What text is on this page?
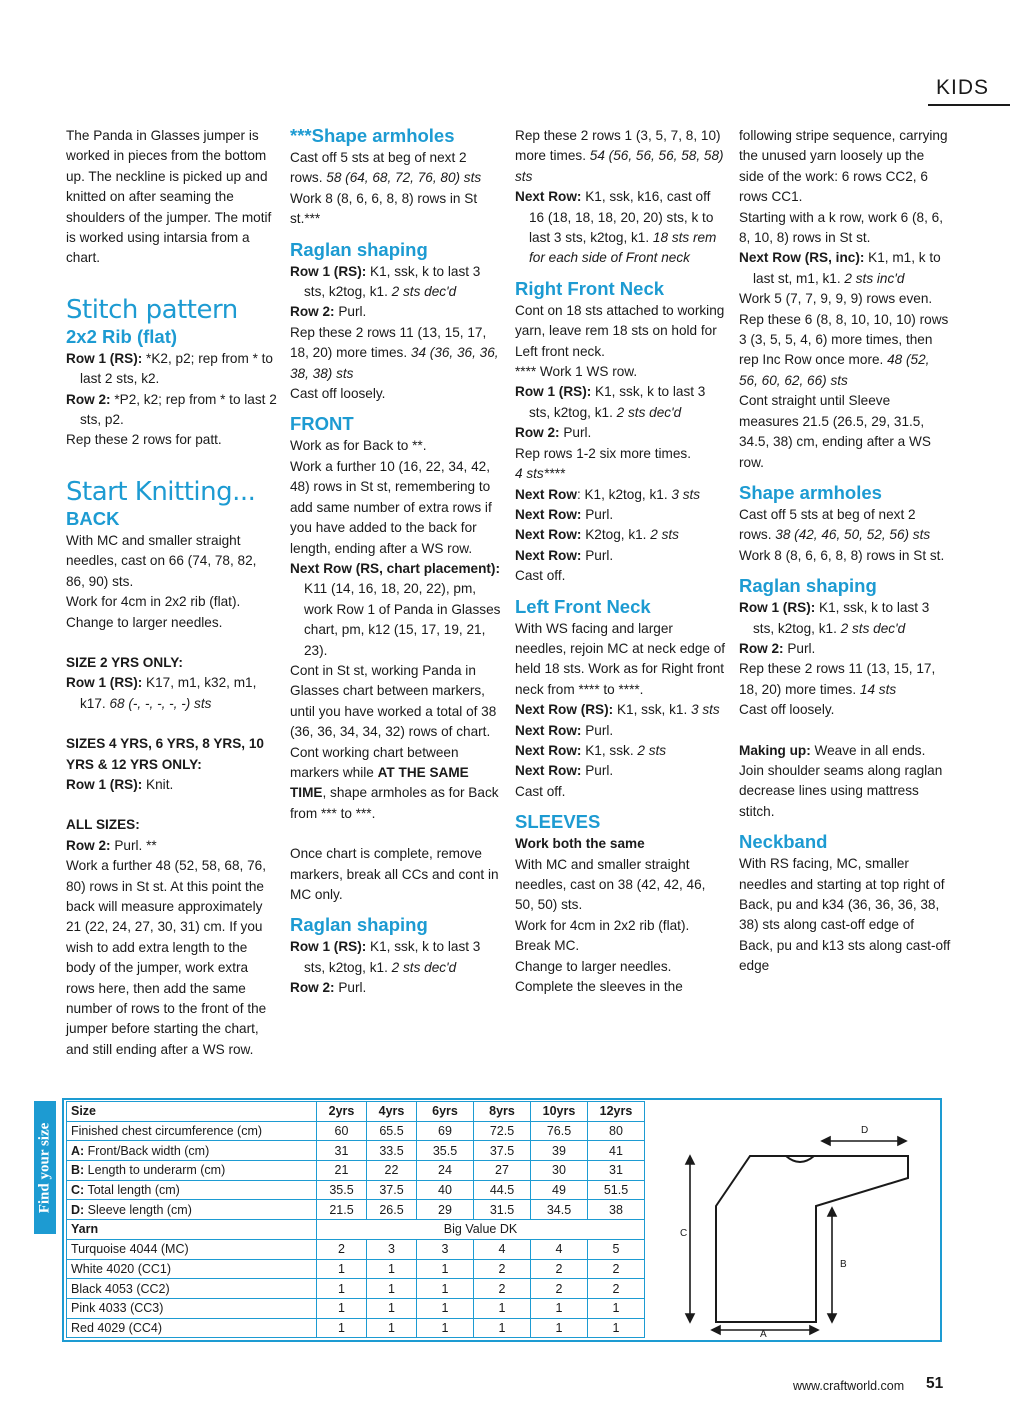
KIDS

The Panda in Glasses jumper is worked in pieces from the bottom up. The neckline is picked up and knitted on after seaming the shoulders of the jumper. The motif is worked using intarsia from a chart.

Stitch pattern

2x2 Rib (flat)

Row 1 (RS): *K2, p2; rep from * to last 2 sts, k2.

Row 2: *P2, k2; rep from * to last 2 sts, p2.

Rep these 2 rows for patt.

Start Knitting...

BACK

With MC and smaller straight needles, cast on 66 (74, 78, 82, 86, 90) sts.

Work for 4cm in 2x2 rib (flat).

Change to larger needles.

SIZE 2 YRS ONLY:

Row 1 (RS): K17, m1, k32, m1, k17. 68 (-, -, -, -, -) sts

SIZES 4 YRS, 6 YRS, 8 YRS, 10 YRS & 12 YRS ONLY:

Row 1 (RS): Knit.

ALL SIZES:

Row 2: Purl. **

Work a further 48 (52, 58, 68, 76, 80) rows in St st. At this point the back will measure approximately 21 (22, 24, 27, 30, 31) cm. If you wish to add extra length to the body of the jumper, work extra rows here, then add the same number of rows to the front of the jumper before starting the chart, and still ending after a WS row.

***Shape armholes

Cast off 5 sts at beg of next 2 rows. 58 (64, 68, 72, 76, 80) sts

Work 8 (8, 6, 6, 8, 8) rows in St st.***

Raglan shaping

Row 1 (RS): K1, ssk, k to last 3 sts, k2tog, k1. 2 sts dec'd

Row 2: Purl.

Rep these 2 rows 11 (13, 15, 17, 18, 20) more times. 34 (36, 36, 36, 38, 38) sts

Cast off loosely.

FRONT

Work as for Back to **.

Work a further 10 (16, 22, 34, 42, 48) rows in St st, remembering to add same number of extra rows if you have added to the back for length, ending after a WS row.

Next Row (RS, chart placement): K11 (14, 16, 18, 20, 22), pm, work Row 1 of Panda in Glasses chart, pm, k12 (15, 17, 19, 21, 23).

Cont in St st, working Panda in Glasses chart between markers, until you have worked a total of 38 (36, 36, 34, 34, 32) rows of chart.

Cont working chart between markers while AT THE SAME TIME, shape armholes as for Back from *** to ***.

Once chart is complete, remove markers, break all CCs and cont in MC only.

Raglan shaping

Row 1 (RS): K1, ssk, k to last 3 sts, k2tog, k1. 2 sts dec'd

Row 2: Purl.

Rep these 2 rows 1 (3, 5, 7, 8, 10) more times. 54 (56, 56, 56, 58, 58) sts

Next Row: K1, ssk, k16, cast off 16 (18, 18, 18, 20, 20) sts, k to last 3 sts, k2tog, k1. 18 sts rem for each side of Front neck

Right Front Neck

Cont on 18 sts attached to working yarn, leave rem 18 sts on hold for Left front neck.

**** Work 1 WS row.

Row 1 (RS): K1, ssk, k to last 3 sts, k2tog, k1. 2 sts dec'd

Row 2: Purl.

Rep rows 1-2 six more times.

4 sts****

Next Row: K1, k2tog, k1. 3 sts

Next Row: Purl.

Next Row: K2tog, k1. 2 sts

Next Row: Purl.

Cast off.

Left Front Neck

With WS facing and larger needles, rejoin MC at neck edge of held 18 sts. Work as for Right front neck from **** to ****.

Next Row (RS): K1, ssk, k1. 3 sts

Next Row: Purl.

Next Row: K1, ssk. 2 sts

Next Row: Purl.

Cast off.

SLEEVES

Work both the same

With MC and smaller straight needles, cast on 38 (42, 42, 46, 50, 50) sts.

Work for 4cm in 2x2 rib (flat).

Break MC.

Change to larger needles.

Complete the sleeves in the

following stripe sequence, carrying the unused yarn loosely up the side of the work: 6 rows CC2, 6 rows CC1.

Starting with a k row, work 6 (8, 6, 8, 10, 8) rows in St st.

Next Row (RS, inc): K1, m1, k to last st, m1, k1. 2 sts inc'd

Work 5 (7, 7, 9, 9, 9) rows even.

Rep these 6 (8, 8, 10, 10, 10) rows 3 (3, 5, 5, 4, 6) more times, then rep Inc Row once more. 48 (52, 56, 60, 62, 66) sts

Cont straight until Sleeve measures 21.5 (26.5, 29, 31.5, 34.5, 38) cm, ending after a WS row.

Shape armholes

Cast off 5 sts at beg of next 2 rows. 38 (42, 46, 50, 52, 56) sts

Work 8 (8, 6, 6, 8, 8) rows in St st.

Raglan shaping

Row 1 (RS): K1, ssk, k to last 3 sts, k2tog, k1. 2 sts dec'd

Row 2: Purl.

Rep these 2 rows 11 (13, 15, 17, 18, 20) more times. 14 sts

Cast off loosely.

Making up: Weave in all ends. Join shoulder seams along raglan decrease lines using mattress stitch.

Neckband

With RS facing, MC, smaller needles and starting at top right of Back, pu and k34 (36, 36, 36, 38, 38) sts along cast-off edge of Back, pu and k13 sts along cast-off edge

Find your size
Size	2yrs	4yrs	6yrs	8yrs	10yrs	12yrs
Finished chest circumference (cm)	60	65.5	69	72.5	76.5	80
A: Front/Back width (cm)	31	33.5	35.5	37.5	39	41
B: Length to underarm (cm)	21	22	24	27	30	31
C: Total length (cm)	35.5	37.5	40	44.5	49	51.5
D: Sleeve length (cm)	21.5	26.5	29	31.5	34.5	38
Yarn	Big Value DK					
Turquoise 4044 (MC)	2	3	3	4	4	5
White 4020 (CC1)	1	1	1	2	2	2
Black 4053 (CC2)	1	1	1	2	2	2
Pink 4033 (CC3)	1	1	1	1	1	1
Red 4029 (CC4)	1	1	1	1	1	1
D
C
B
A
www.craftworld.com 51
